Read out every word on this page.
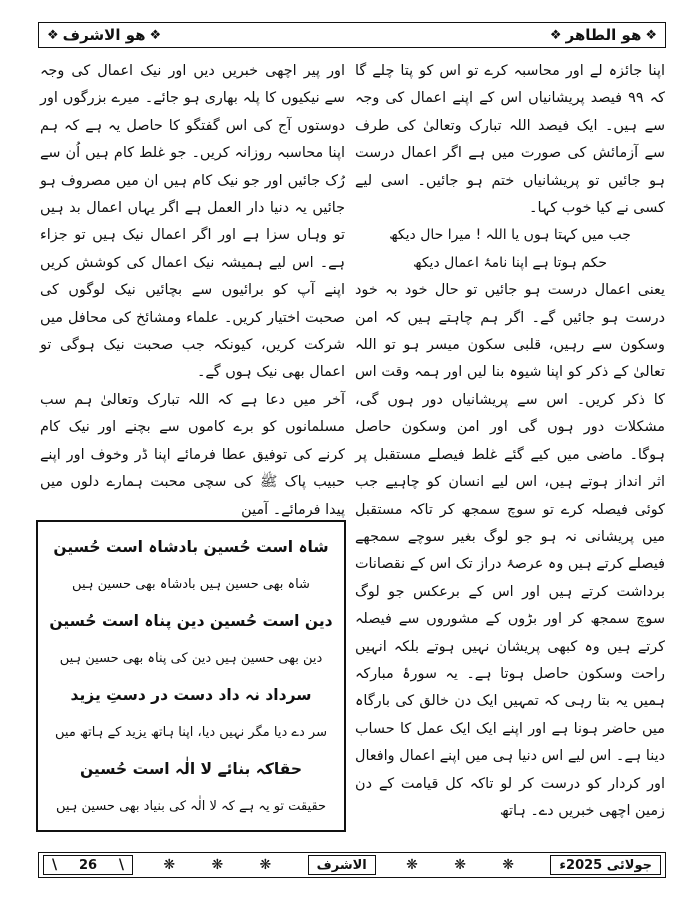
❖
ھو الاشرف
❖	❖
ھو الطاھر
❖

اپنا جائزہ لے اور محاسبہ کرے تو اس کو پتا چلے گا کہ ۹۹ فیصد پریشانیاں اس کے اپنے اعمال کی وجہ سے ہیں۔ ایک فیصد اللہ تبارک وتعالیٰ کی طرف سے آزمائش کی صورت میں ہے اگر اعمال درست ہو جائیں تو پریشانیاں ختم ہو جائیں۔ اسی لیے کسی نے کیا خوب کہا۔

جب میں کہتا ہوں یا اللہ ! میرا حال دیکھ

حکم ہوتا ہے اپنا نامۂ اعمال دیکھ

یعنی اعمال درست ہو جائیں تو حال خود بہ خود درست ہو جائیں گے۔ اگر ہم چاہتے ہیں کہ امن وسکون سے رہیں، قلبی سکون میسر ہو تو اللہ تعالیٰ کے ذکر کو اپنا شیوہ بنا لیں اور ہمہ وقت اس کا ذکر کریں۔ اس سے پریشانیاں دور ہوں گی، مشکلات دور ہوں گی اور امن وسکون حاصل ہوگا۔ ماضی میں کیے گئے غلط فیصلے مستقبل پر اثر انداز ہوتے ہیں، اس لیے انسان کو چاہیے جب کوئی فیصلہ کرے تو سوچ سمجھ کر تاکہ مستقبل میں پریشانی نہ ہو جو لوگ بغیر سوچے سمجھے فیصلے کرتے ہیں وہ عرصۂ دراز تک اس کے نقصانات برداشت کرتے ہیں اور اس کے برعکس جو لوگ سوچ سمجھ کر اور بڑوں کے مشوروں سے فیصلہ کرتے ہیں وہ کبھی پریشان نہیں ہوتے بلکہ انہیں راحت وسکون حاصل ہوتا ہے۔ یہ سورۂ مبارکہ ہمیں یہ بتا رہی کہ تمہیں ایک دن خالق کی بارگاہ میں حاضر ہونا ہے اور اپنے ایک ایک عمل کا حساب دینا ہے۔ اس لیے اس دنیا ہی میں اپنے اعمال وافعال اور کردار کو درست کر لو تاکہ کل قیامت کے دن زمین اچھی خبریں دے۔ ہاتھ

اور پیر اچھی خبریں دیں اور نیک اعمال کی وجہ سے نیکیوں کا پلہ بھاری ہو جائے۔ میرے بزرگوں اور دوستوں آج کی اس گفتگو کا حاصل یہ ہے کہ ہم اپنا محاسبہ روزانہ کریں۔ جو غلط کام ہیں اُن سے رُک جائیں اور جو نیک کام ہیں ان میں مصروف ہو جائیں یہ دنیا دار العمل ہے اگر یہاں اعمال بد ہیں تو وہاں سزا ہے اور اگر اعمال نیک ہیں تو جزاء ہے۔ اس لیے ہمیشہ نیک اعمال کی کوشش کریں اپنے آپ کو برائیوں سے بچائیں نیک لوگوں کی صحبت اختیار کریں۔ علماء ومشائخ کی محافل میں شرکت کریں، کیونکہ جب صحبت نیک ہوگی تو اعمال بھی نیک ہوں گے۔

آخر میں دعا ہے کہ اللہ تبارک وتعالیٰ ہم سب مسلمانوں کو برے کاموں سے بچنے اور نیک کام کرنے کی توفیق عطا فرمائے اپنا ڈر وخوف اور اپنے حبیب پاک ﷺ کی سچی محبت ہمارے دلوں میں پیدا فرمائے۔ آمین

شاہ است حُسین بادشاہ است حُسین
شاہ بھی حسین ہیں بادشاہ بھی حسین ہیں
دین است حُسین دین پناہ است حُسین
دین بھی حسین ہیں دین کی پناہ بھی حسین ہیں
سرداد نہ داد دست در دستِ یزید
سر دے دیا مگر نہیں دیا، اپنا ہاتھ یزید کے ہاتھ میں
حقاکہ بنائے لا الٰہ است حُسین
حقیقت تو یہ ہے کہ لا الٰہ کی بنیاد بھی حسین ہیں
\
26
\	❋ ❋ ❋	الاشرف	❋ ❋ ❋	جولائی 2025ء
